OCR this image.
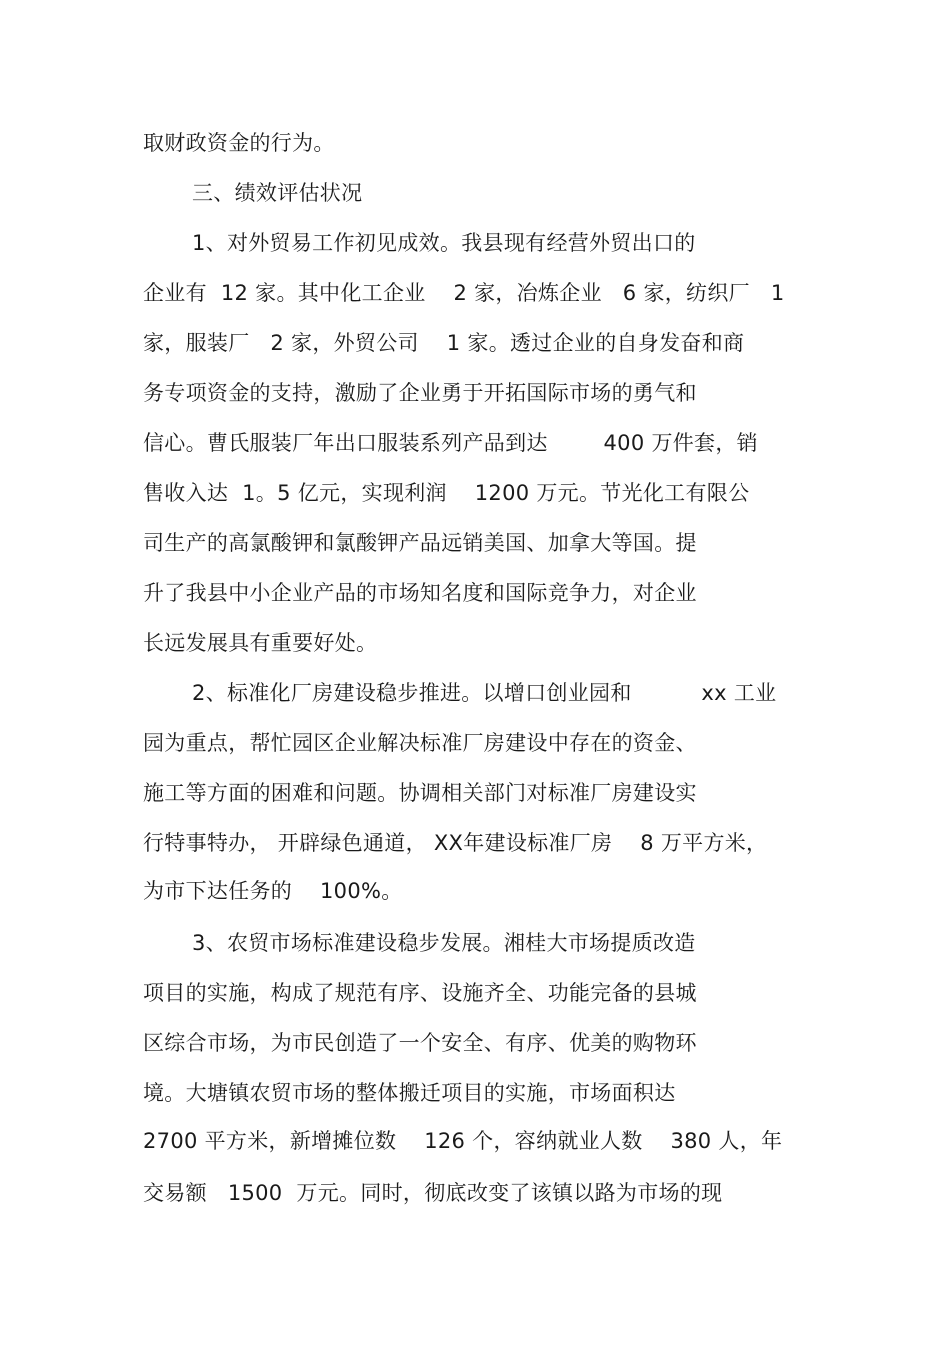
取财政资金的行为。
三、绩效评估状况
1、对外贸易工作初见成效。我县现有经营外贸出口的
企业有  12 家。其中化工企业    2 家，冶炼企业   6 家，纺织厂   1
家，服装厂   2 家，外贸公司    1 家。透过企业的自身发奋和商
务专项资金的支持，激励了企业勇于开拓国际市场的勇气和
信心。曹氏服装厂年出口服装系列产品到达        400 万件套，销
售收入达  1。5 亿元，实现利润    1200 万元。节光化工有限公
司生产的高氯酸钾和氯酸钾产品远销美国、加拿大等国。提
升了我县中小企业产品的市场知名度和国际竞争力，对企业
长远发展具有重要好处。
2、标准化厂房建设稳步推进。以增口创业园和          xx 工业
园为重点，帮忙园区企业解决标准厂房建设中存在的资金、
施工等方面的困难和问题。协调相关部门对标准厂房建设实
行特事特办， 开辟绿色通道， XX年建设标准厂房    8 万平方米，
为市下达任务的    100%。
3、农贸市场标准建设稳步发展。湘桂大市场提质改造
项目的实施，构成了规范有序、设施齐全、功能完备的县城
区综合市场，为市民创造了一个安全、有序、优美的购物环
境。大塘镇农贸市场的整体搬迁项目的实施，市场面积达
2700 平方米，新增摊位数    126 个，容纳就业人数    380 人，年
交易额   1500  万元。同时，彻底改变了该镇以路为市场的现
